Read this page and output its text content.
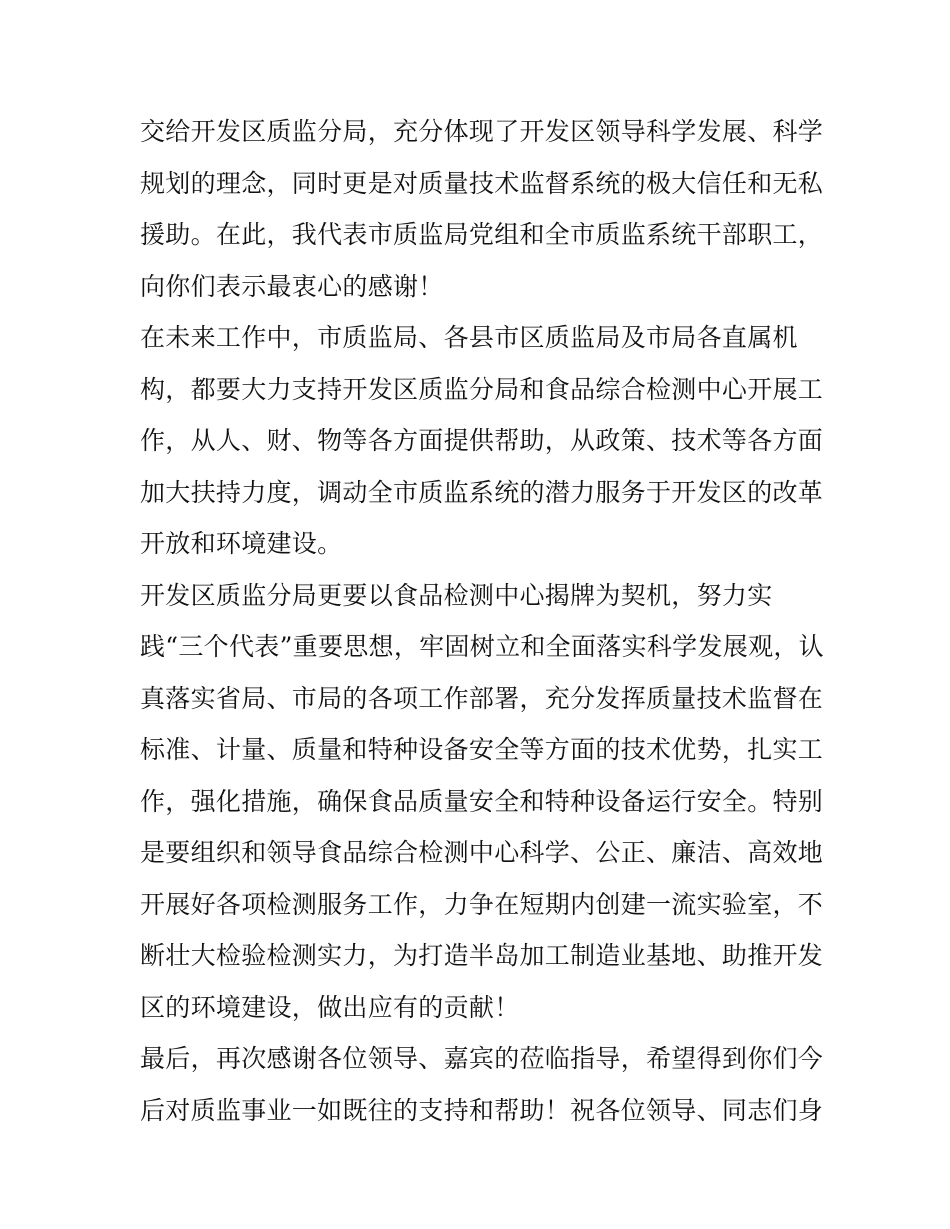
交给开发区质监分局，充分体现了开发区领导科学发展、科学
规划的理念，同时更是对质量技术监督系统的极大信任和无私
援助。在此，我代表市质监局党组和全市质监系统干部职工，
向你们表示最衷心的感谢！
在未来工作中，市质监局、各县市区质监局及市局各直属机
构，都要大力支持开发区质监分局和食品综合检测中心开展工
作，从人、财、物等各方面提供帮助，从政策、技术等各方面
加大扶持力度，调动全市质监系统的潜力服务于开发区的改革
开放和环境建设。
开发区质监分局更要以食品检测中心揭牌为契机，努力实
践“三个代表”重要思想，牢固树立和全面落实科学发展观，认
真落实省局、市局的各项工作部署，充分发挥质量技术监督在
标准、计量、质量和特种设备安全等方面的技术优势，扎实工
作，强化措施，确保食品质量安全和特种设备运行安全。特别
是要组织和领导食品综合检测中心科学、公正、廉洁、高效地
开展好各项检测服务工作，力争在短期内创建一流实验室，不
断壮大检验检测实力，为打造半岛加工制造业基地、助推开发
区的环境建设，做出应有的贡献！
最后，再次感谢各位领导、嘉宾的莅临指导，希望得到你们今
后对质监事业一如既往的支持和帮助！祝各位领导、同志们身
